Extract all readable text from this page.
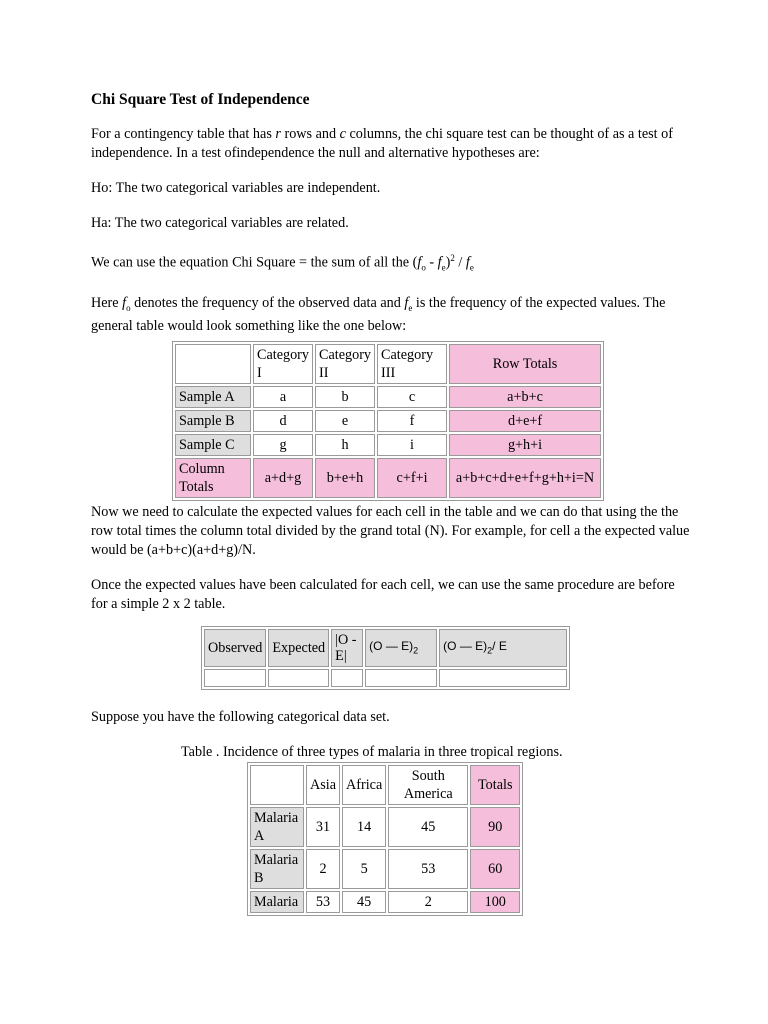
Chi Square Test of Independence

For a contingency table that has r rows and c columns, the chi square test can be thought of as a test of independence. In a test ofindependence the null and alternative hypotheses are:

Ho: The two categorical variables are independent.

Ha: The two categorical variables are related.

We can use the equation Chi Square = the sum of all the $(f_o - f_e)^2 / f_e$

Here $f_o$ denotes the frequency of the observed data and $f_e$ is the frequency of the expected values. The general table would look something like the one below:

	Category I	Category II	Category III	Row Totals
Sample A	a	b	c	a+b+c
Sample B	d	e	f	d+e+f
Sample C	g	h	i	g+h+i
Column Totals	a+d+g	b+e+h	c+f+i	a+b+c+d+e+f+g+h+i=N

Now we need to calculate the expected values for each cell in the table and we can do that using the the row total times the column total divided by the grand total (N). For example, for cell a the expected value would be (a+b+c)(a+d+g)/N.

Once the expected values have been calculated for each cell, we can use the same procedure are before for a simple 2 x 2 table.

Observed	Expected	|O - E|	(O — $E)_2$	(O — $E)_2/$ E

Suppose you have the following categorical data set.

Table . Incidence of three types of malaria in three tropical regions.
	Asia	Africa	South America	Totals
Malaria A	31	14	45	90
Malaria B	2	5	53	60
Malaria	53	45	2	100
